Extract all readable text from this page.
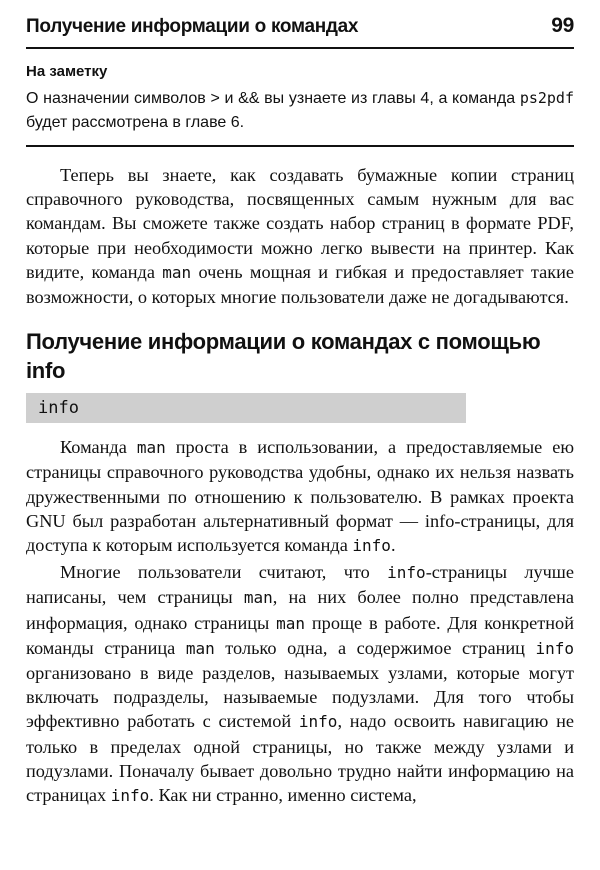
Получение информации о командах	99
На заметку
О назначении символов > и && вы узнаете из главы 4, а команда ps2pdf будет рассмотрена в главе 6.

Теперь вы знаете, как создавать бумажные копии страниц справочного руководства, посвященных самым нужным для вас командам. Вы сможете также создать набор страниц в формате PDF, которые при необходимости можно легко вывести на принтер. Как видите, команда man очень мощная и гибкая и предоставляет такие возможности, о которых многие пользователи даже не догадываются.

Получение информации о командах с помощью info
info

Команда man проста в использовании, а предоставляемые ею страницы справочного руководства удобны, однако их нельзя назвать дружественными по отношению к пользователю. В рамках проекта GNU был разработан альтернативный формат — info-страницы, для доступа к которым используется команда info.

Многие пользователи считают, что info-страницы лучше написаны, чем страницы man, на них более полно представлена информация, однако страницы man проще в работе. Для конкретной команды страница man только одна, а содержимое страниц info организовано в виде разделов, называемых узлами, которые могут включать подразделы, называемые подузлами. Для того чтобы эффективно работать с системой info, надо освоить навигацию не только в пределах одной страницы, но также между узлами и подузлами. Поначалу бывает довольно трудно найти информацию на страницах info. Как ни странно, именно система,
